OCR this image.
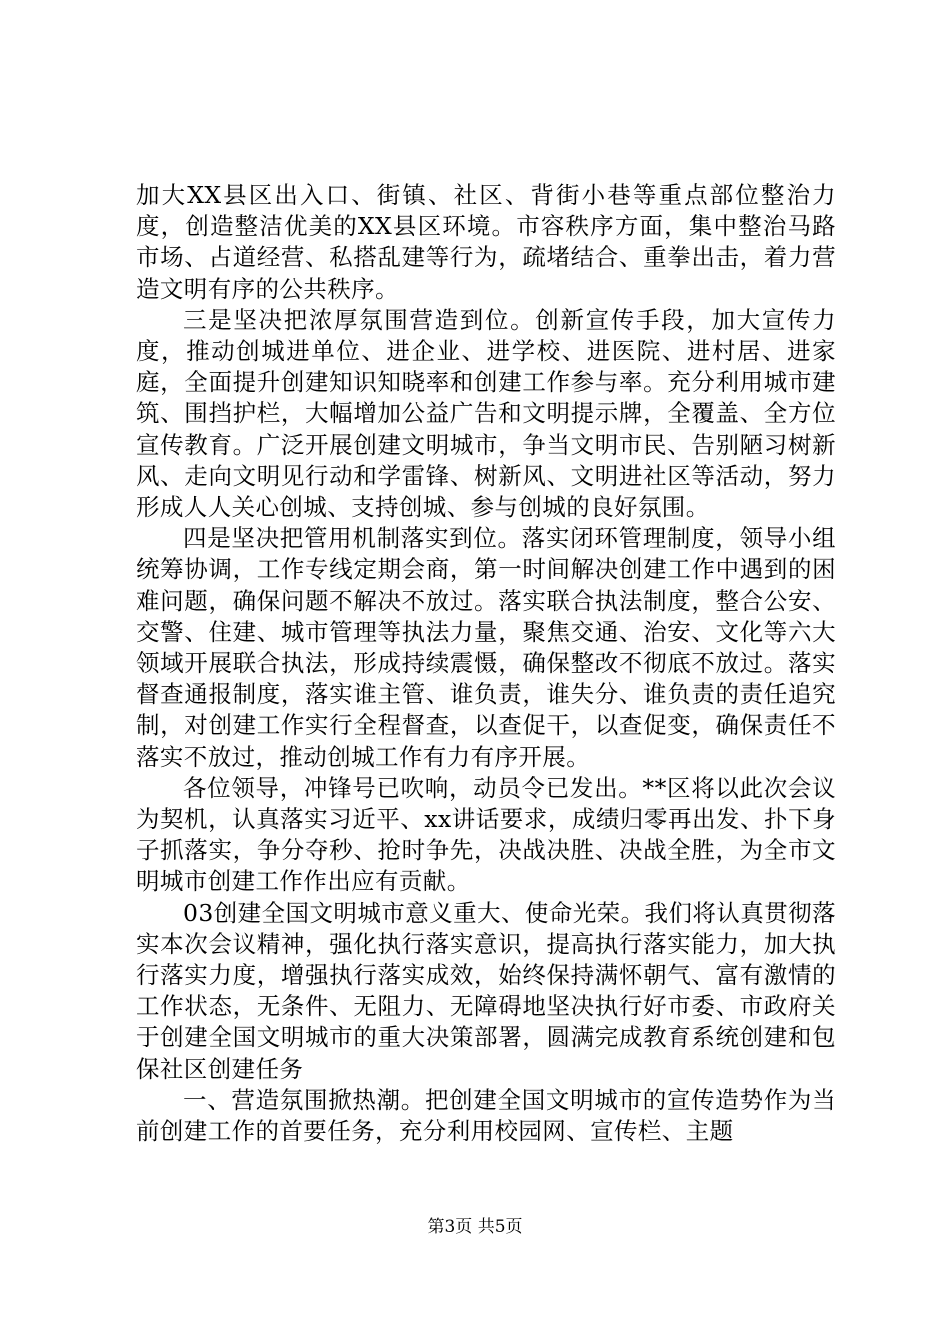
加大XX县区出入口、街镇、社区、背街小巷等重点部位整治力度，创造整洁优美的XX县区环境。市容秩序方面，集中整治马路市场、占道经营、私搭乱建等行为，疏堵结合、重拳出击，着力营造文明有序的公共秩序。

三是坚决把浓厚氛围营造到位。创新宣传手段，加大宣传力度，推动创城进单位、进企业、进学校、进医院、进村居、进家庭，全面提升创建知识知晓率和创建工作参与率。充分利用城市建筑、围挡护栏，大幅增加公益广告和文明提示牌，全覆盖、全方位宣传教育。广泛开展创建文明城市，争当文明市民、告别陋习树新风、走向文明见行动和学雷锋、树新风、文明进社区等活动，努力形成人人关心创城、支持创城、参与创城的良好氛围。

四是坚决把管用机制落实到位。落实闭环管理制度，领导小组统筹协调，工作专线定期会商，第一时间解决创建工作中遇到的困难问题，确保问题不解决不放过。落实联合执法制度，整合公安、交警、住建、城市管理等执法力量，聚焦交通、治安、文化等六大领域开展联合执法，形成持续震慑，确保整改不彻底不放过。落实督查通报制度，落实谁主管、谁负责，谁失分、谁负责的责任追究制，对创建工作实行全程督查，以查促干，以查促变，确保责任不落实不放过，推动创城工作有力有序开展。

各位领导，冲锋号已吹响，动员令已发出。**区将以此次会议为契机，认真落实习近平、xx讲话要求，成绩归零再出发、扑下身子抓落实，争分夺秒、抢时争先，决战决胜、决战全胜，为全市文明城市创建工作作出应有贡献。

03创建全国文明城市意义重大、使命光荣。我们将认真贯彻落实本次会议精神，强化执行落实意识，提高执行落实能力，加大执行落实力度，增强执行落实成效，始终保持满怀朝气、富有激情的工作状态，无条件、无阻力、无障碍地坚决执行好市委、市政府关于创建全国文明城市的重大决策部署，圆满完成教育系统创建和包保社区创建任务

一、营造氛围掀热潮。把创建全国文明城市的宣传造势作为当前创建工作的首要任务，充分利用校园网、宣传栏、主题

第3页 共5页
